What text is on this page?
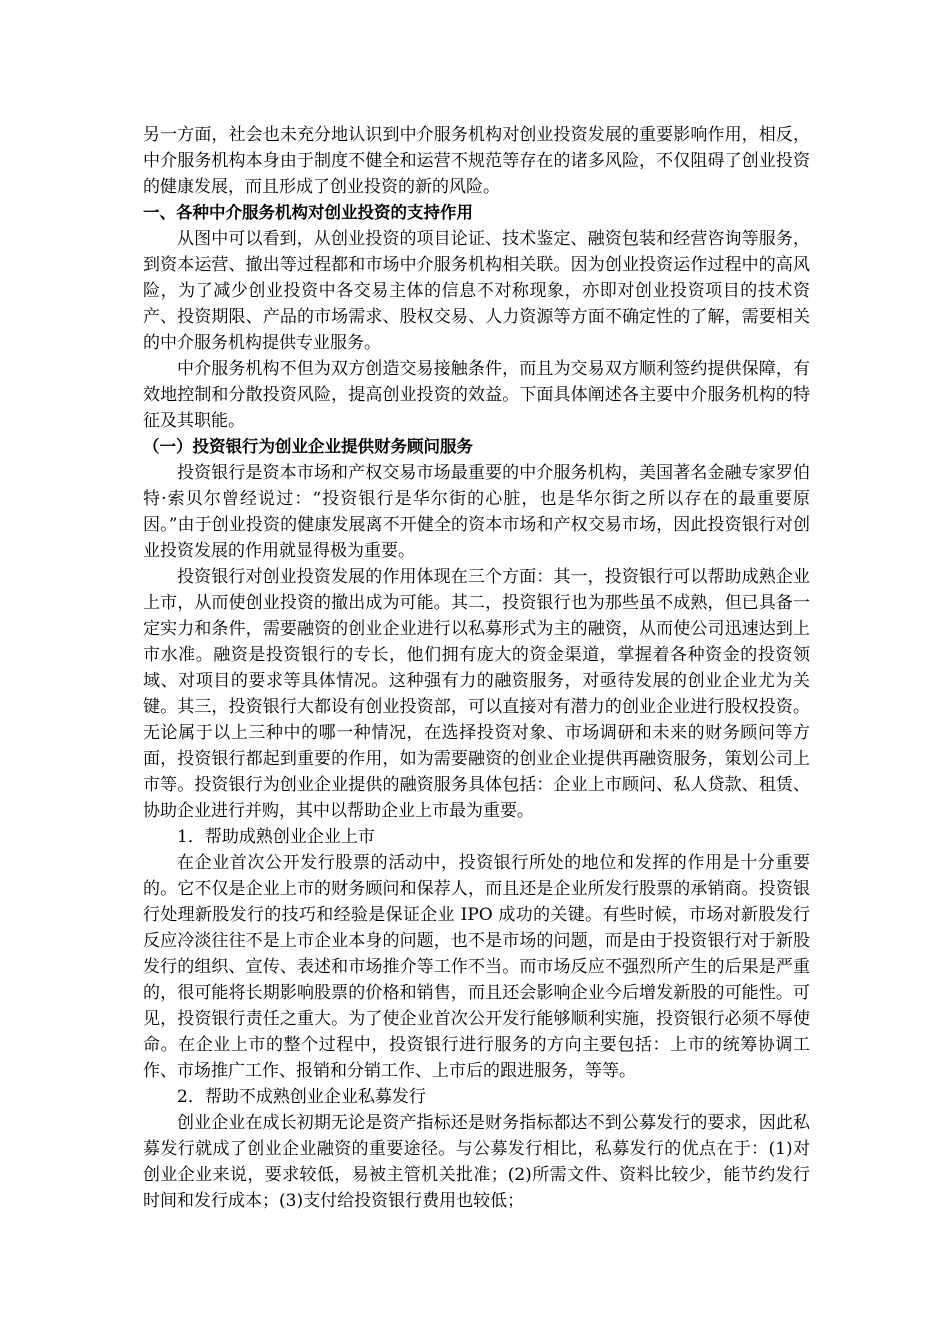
另一方面，社会也未充分地认识到中介服务机构对创业投资发展的重要影响作用，相反，中介服务机构本身由于制度不健全和运营不规范等存在的诸多风险，不仅阻碍了创业投资的健康发展，而且形成了创业投资的新的风险。

一、各种中介服务机构对创业投资的支持作用

从图中可以看到，从创业投资的项目论证、技术鉴定、融资包装和经营咨询等服务，到资本运营、撤出等过程都和市场中介服务机构相关联。因为创业投资运作过程中的高风险，为了减少创业投资中各交易主体的信息不对称现象，亦即对创业投资项目的技术资产、投资期限、产品的市场需求、股权交易、人力资源等方面不确定性的了解，需要相关的中介服务机构提供专业服务。

中介服务机构不但为双方创造交易接触条件，而且为交易双方顺利签约提供保障，有效地控制和分散投资风险，提高创业投资的效益。下面具体阐述各主要中介服务机构的特征及其职能。

（一）投资银行为创业企业提供财务顾问服务

投资银行是资本市场和产权交易市场最重要的中介服务机构，美国著名金融专家罗伯特·索贝尔曾经说过：“投资银行是华尔街的心脏，也是华尔街之所以存在的最重要原因。”由于创业投资的健康发展离不开健全的资本市场和产权交易市场，因此投资银行对创业投资发展的作用就显得极为重要。

投资银行对创业投资发展的作用体现在三个方面：其一，投资银行可以帮助成熟企业上市，从而使创业投资的撤出成为可能。其二，投资银行也为那些虽不成熟，但已具备一定实力和条件，需要融资的创业企业进行以私募形式为主的融资，从而使公司迅速达到上市水准。融资是投资银行的专长，他们拥有庞大的资金渠道，掌握着各种资金的投资领域、对项目的要求等具体情况。这种强有力的融资服务，对亟待发展的创业企业尤为关键。其三，投资银行大都设有创业投资部，可以直接对有潜力的创业企业进行股权投资。无论属于以上三种中的哪一种情况，在选择投资对象、市场调研和未来的财务顾问等方面，投资银行都起到重要的作用，如为需要融资的创业企业提供再融资服务，策划公司上市等。投资银行为创业企业提供的融资服务具体包括：企业上市顾问、私人贷款、租赁、协助企业进行并购，其中以帮助企业上市最为重要。

1．帮助成熟创业企业上市

在企业首次公开发行股票的活动中，投资银行所处的地位和发挥的作用是十分重要的。它不仅是企业上市的财务顾问和保荐人，而且还是企业所发行股票的承销商。投资银行处理新股发行的技巧和经验是保证企业 IPO 成功的关键。有些时候，市场对新股发行反应冷淡往往不是上市企业本身的问题，也不是市场的问题，而是由于投资银行对于新股发行的组织、宣传、表述和市场推介等工作不当。而市场反应不强烈所产生的后果是严重的，很可能将长期影响股票的价格和销售，而且还会影响企业今后增发新股的可能性。可见，投资银行责任之重大。为了使企业首次公开发行能够顺利实施，投资银行必须不辱使命。在企业上市的整个过程中，投资银行进行服务的方向主要包括：上市的统筹协调工作、市场推广工作、报销和分销工作、上市后的跟进服务，等等。

2．帮助不成熟创业企业私募发行

创业企业在成长初期无论是资产指标还是财务指标都达不到公募发行的要求，因此私募发行就成了创业企业融资的重要途径。与公募发行相比，私募发行的优点在于：(1)对创业企业来说，要求较低，易被主管机关批准；(2)所需文件、资料比较少，能节约发行时间和发行成本；(3)支付给投资银行费用也较低；
